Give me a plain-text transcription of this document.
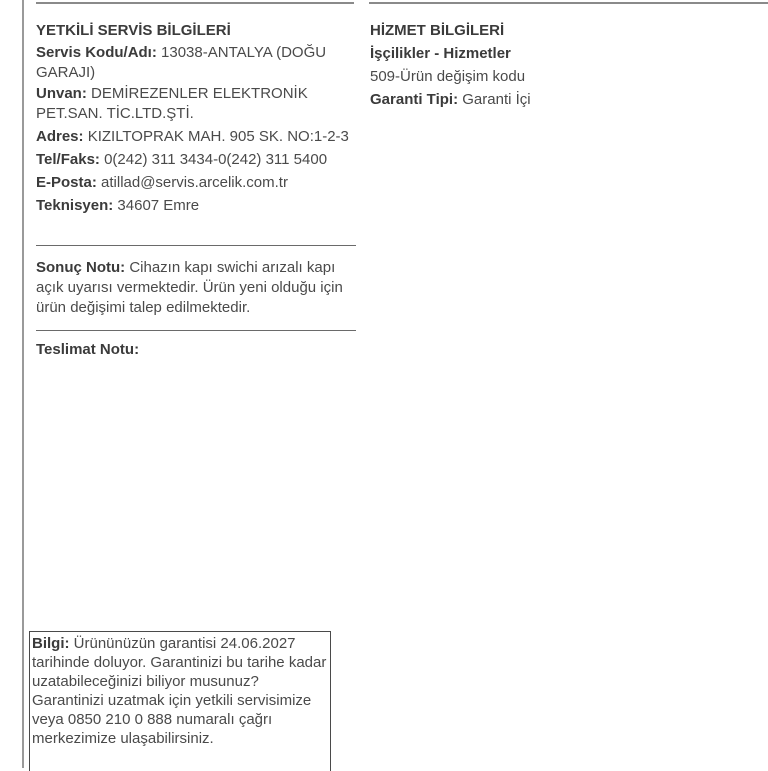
YETKİLİ SERVİS BİLGİLERİ
Servis Kodu/Adı: 13038-ANTALYA (DOĞU GARAJI)
Unvan: DEMİREZENLER ELEKTRONİK PET.SAN. TİC.LTD.ŞTİ.
Adres: KIZILTOPRAK MAH. 905 SK. NO:1-2-3
Tel/Faks: 0(242) 311 3434-0(242) 311 5400
E-Posta: atillad@servis.arcelik.com.tr
Teknisyen: 34607 Emre
HİZMET BİLGİLERİ
İşçilikler - Hizmetler
509-Ürün değişim kodu
Garanti Tipi: Garanti İçi
Sonuç Notu: Cihazın kapı swichi arızalı kapı açık uyarısı vermektedir. Ürün yeni olduğu için ürün değişimi talep edilmektedir.
Teslimat Notu:
Bilgi: Ürününüzün garantisi 24.06.2027 tarihinde doluyor. Garantinizi bu tarihe kadar uzatabileceğinizi biliyor musunuz? Garantinizi uzatmak için yetkili servisimize veya 0850 210 0 888 numaralı çağrı merkezimize ulaşabilirsiniz.
